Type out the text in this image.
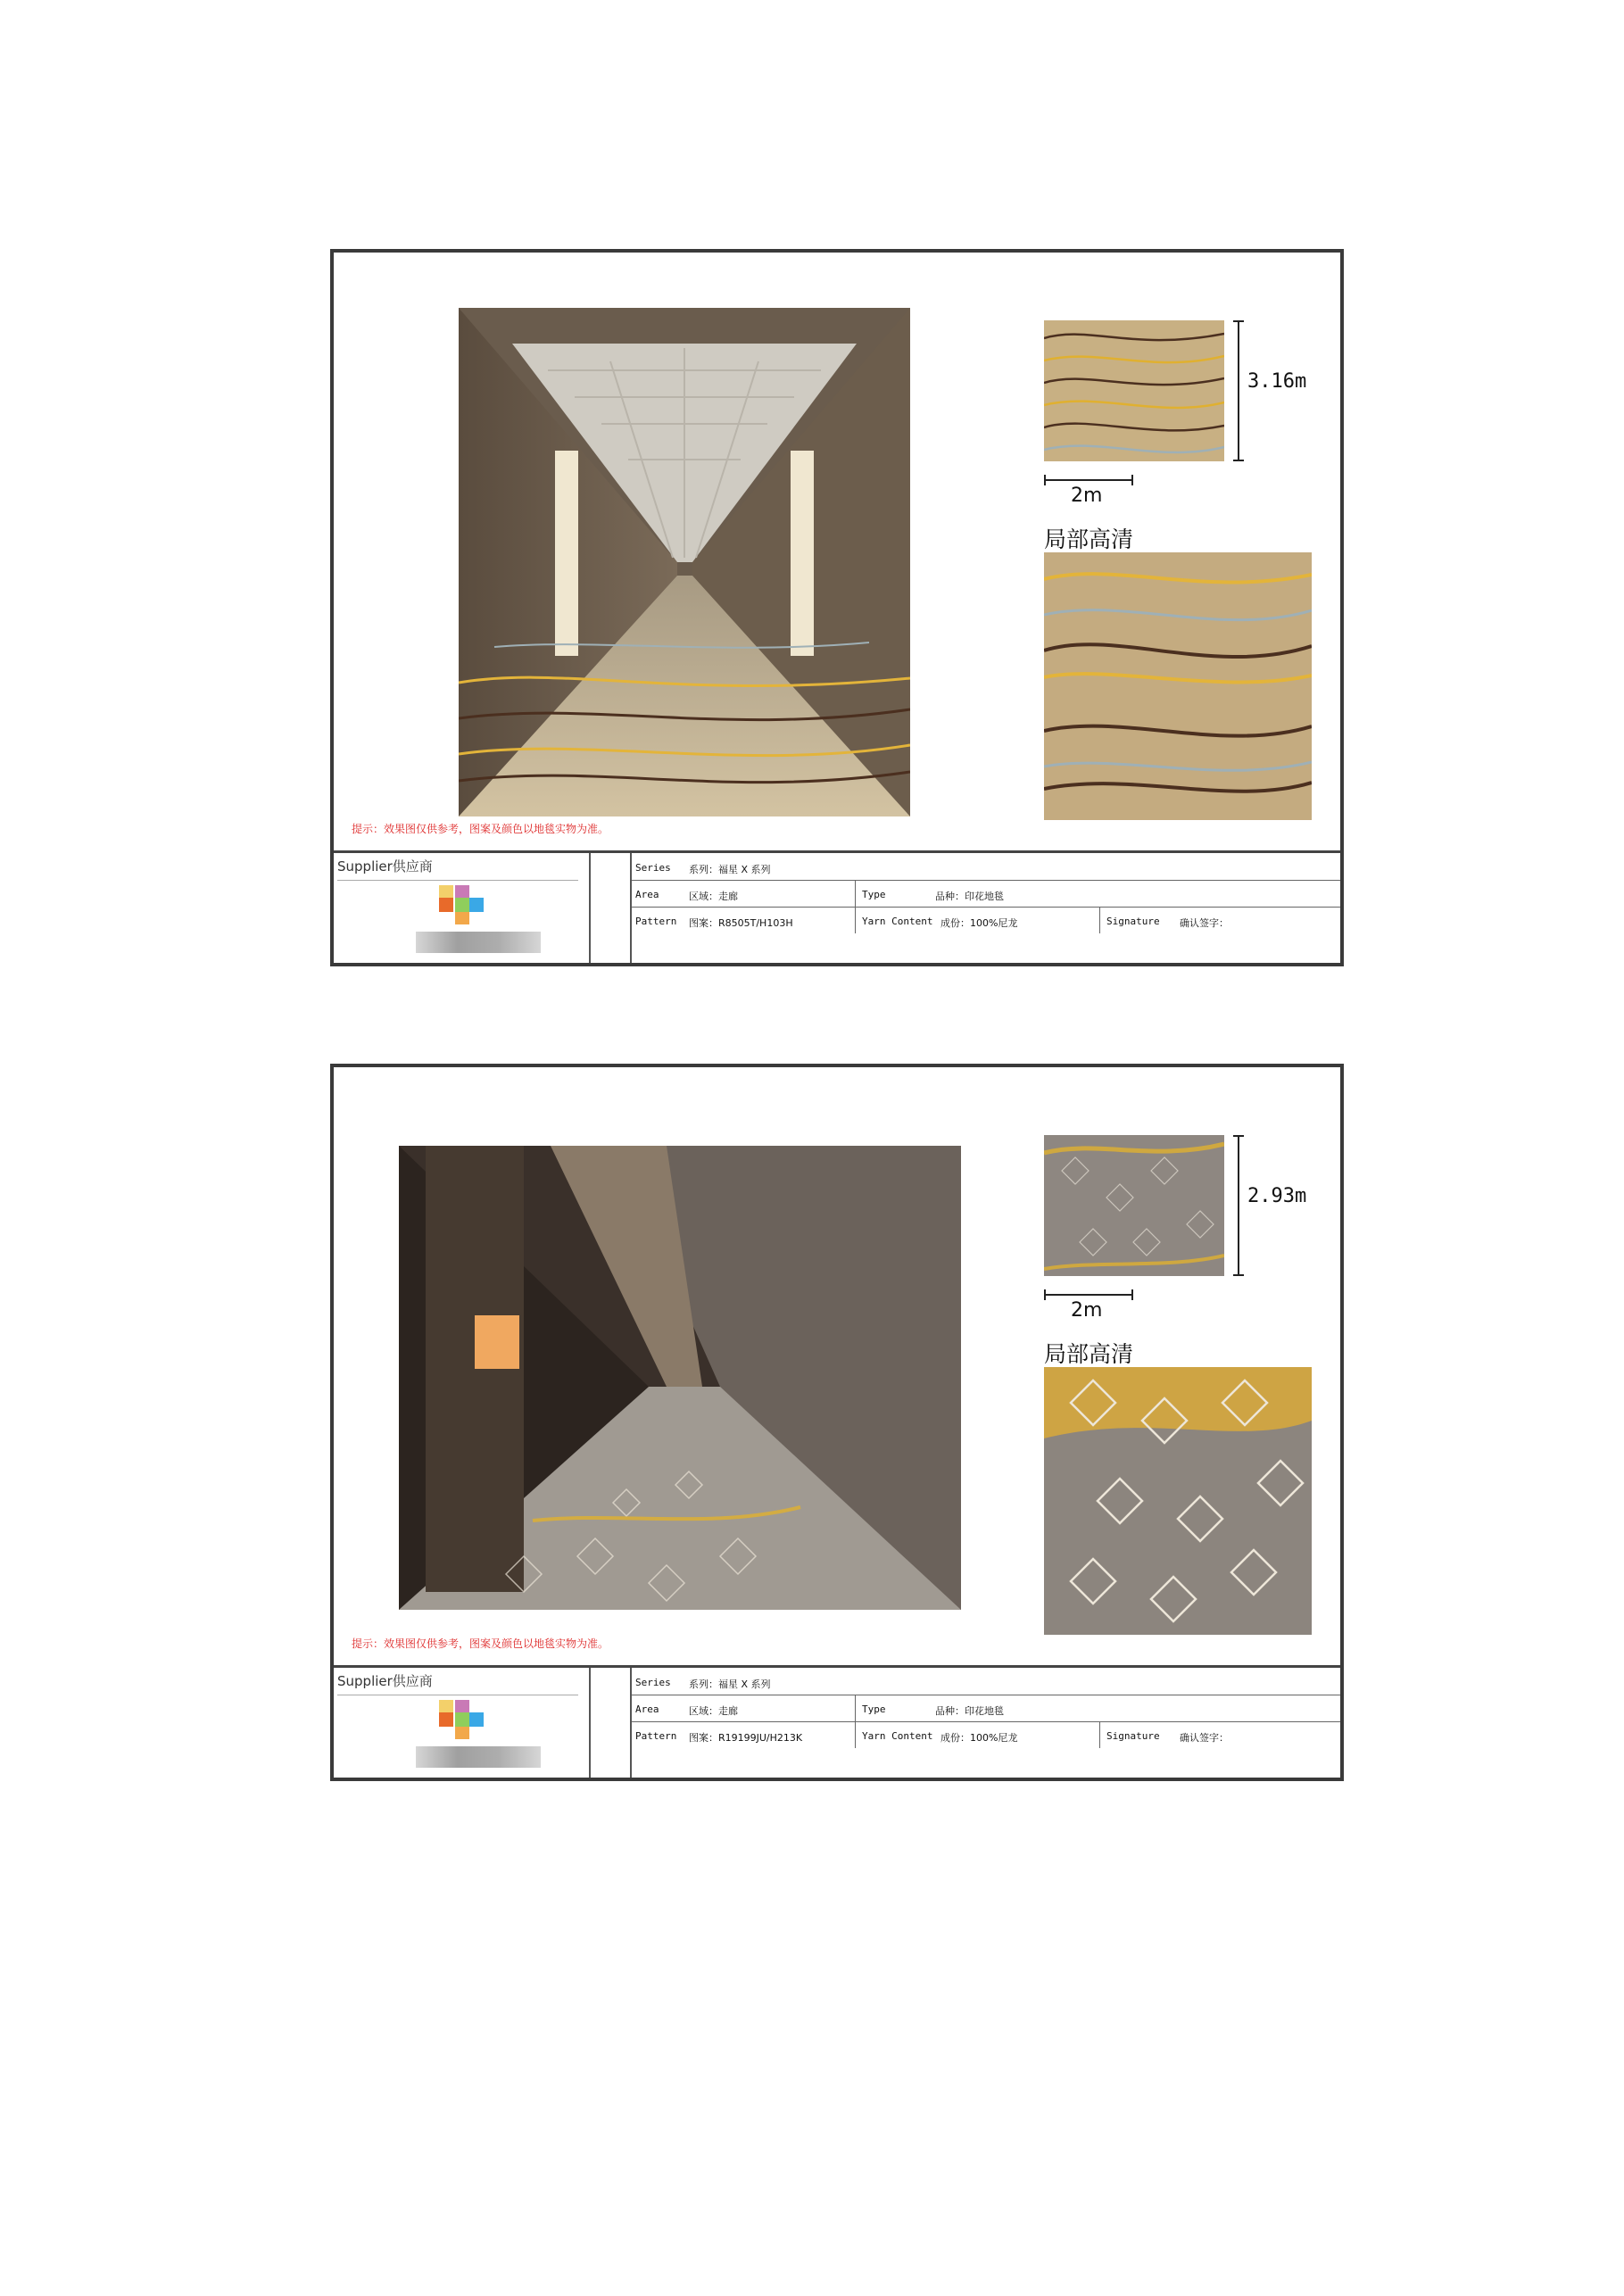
3.16m
2m
局部高清
提示：效果图仅供参考，图案及颜色以地毯实物为准。
Supplier供应商	Series 系列：福星 X 系列
Area	区域：走廊	Type	品种：印花地毯
Pattern 图案：R8505T/H103H	Yarn Content 成份：100%尼龙	Signature 确认签字：
2.93m
2m
局部高清
提示：效果图仅供参考，图案及颜色以地毯实物为准。
Supplier供应商	Series 系列：福星 X 系列
Area	区域：走廊	Type	品种：印花地毯
Pattern 图案：R19199JU/H213K	Yarn Content 成份：100%尼龙	Signature 确认签字：
